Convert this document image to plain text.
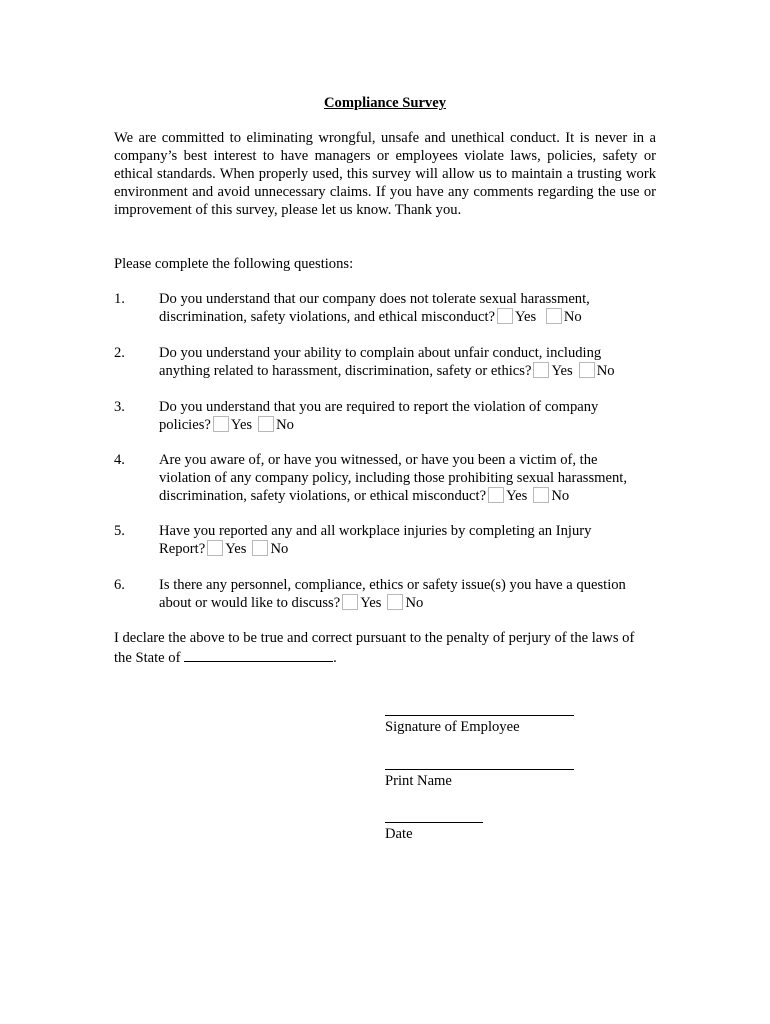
Compliance Survey
We are committed to eliminating wrongful, unsafe and unethical conduct. It is never in a company’s best interest to have managers or employees violate laws, policies, safety or ethical standards. When properly used, this survey will allow us to maintain a trusting work environment and avoid unnecessary claims. If you have any comments regarding the use or improvement of this survey, please let us know. Thank you.
Please complete the following questions:
1. Do you understand that our company does not tolerate sexual harassment,
discrimination, safety violations, and ethical misconduct? Yes No
2. Do you understand your ability to complain about unfair conduct, including
anything related to harassment, discrimination, safety or ethics? Yes No
3. Do you understand that you are required to report the violation of company
policies? Yes No
4. Are you aware of, or have you witnessed, or have you been a victim of, the
violation of any company policy, including those prohibiting sexual harassment,
discrimination, safety violations, or ethical misconduct? Yes No
5. Have you reported any and all workplace injuries by completing an Injury
Report? Yes No
6. Is there any personnel, compliance, ethics or safety issue(s) you have a question
about or would like to discuss? Yes No
I declare the above to be true and correct pursuant to the penalty of perjury of the laws of
the State of	.
Signature of Employee
Print Name
Date
